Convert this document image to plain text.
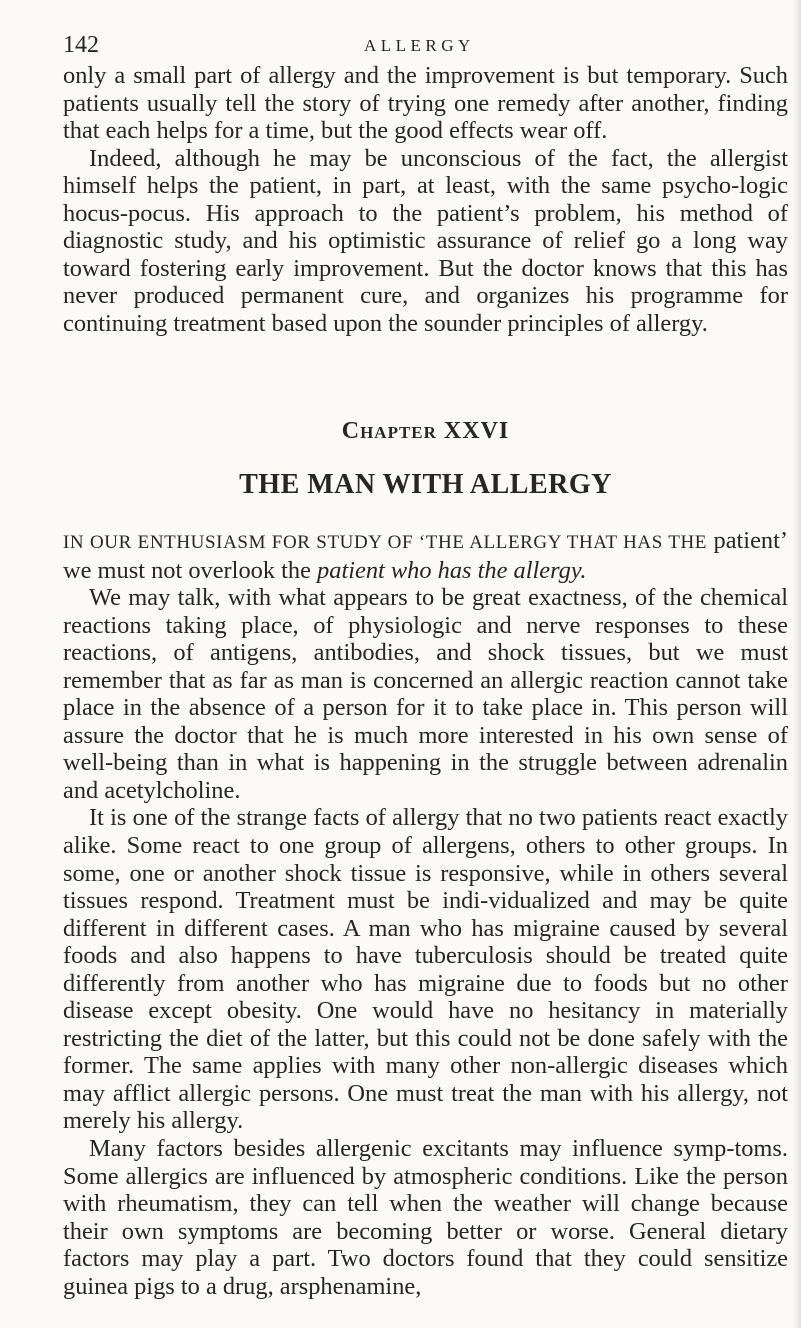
142	ALLERGY

only a small part of allergy and the improvement is but temporary. Such patients usually tell the story of trying one remedy after another, finding that each helps for a time, but the good effects wear off.

Indeed, although he may be unconscious of the fact, the allergist himself helps the patient, in part, at least, with the same psycho-logic hocus-pocus. His approach to the patient’s problem, his method of diagnostic study, and his optimistic assurance of relief go a long way toward fostering early improvement. But the doctor knows that this has never produced permanent cure, and organizes his programme for continuing treatment based upon the sounder principles of allergy.

Chapter XXVI
THE MAN WITH ALLERGY

IN OUR ENTHUSIASM FOR STUDY OF ‘THE ALLERGY THAT HAS THE patient’ we must not overlook the patient who has the allergy.

We may talk, with what appears to be great exactness, of the chemical reactions taking place, of physiologic and nerve responses to these reactions, of antigens, antibodies, and shock tissues, but we must remember that as far as man is concerned an allergic reaction cannot take place in the absence of a person for it to take place in. This person will assure the doctor that he is much more interested in his own sense of well-being than in what is happening in the struggle between adrenalin and acetylcholine.

It is one of the strange facts of allergy that no two patients react exactly alike. Some react to one group of allergens, others to other groups. In some, one or another shock tissue is responsive, while in others several tissues respond. Treatment must be indi-vidualized and may be quite different in different cases. A man who has migraine caused by several foods and also happens to have tuberculosis should be treated quite differently from another who has migraine due to foods but no other disease except obesity. One would have no hesitancy in materially restricting the diet of the latter, but this could not be done safely with the former. The same applies with many other non-allergic diseases which may afflict allergic persons. One must treat the man with his allergy, not merely his allergy.

Many factors besides allergenic excitants may influence symp-toms. Some allergics are influenced by atmospheric conditions. Like the person with rheumatism, they can tell when the weather will change because their own symptoms are becoming better or worse. General dietary factors may play a part. Two doctors found that they could sensitize guinea pigs to a drug, arsphenamine,
